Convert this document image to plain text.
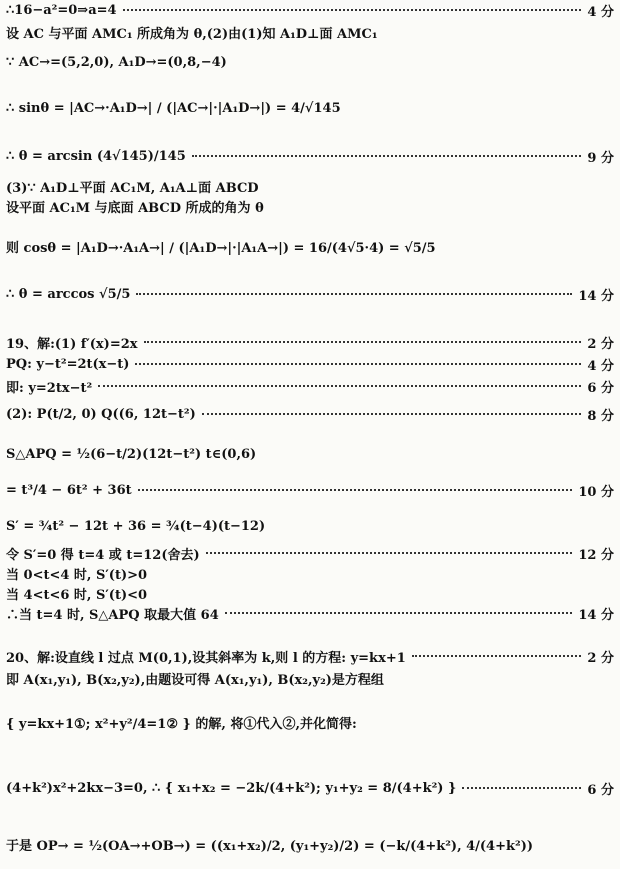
∴16−a²=0⇒a=4	4 分
设 AC 与平面 AMC₁ 所成角为 θ,(2)由(1)知 A₁D⊥面 AMC₁
∵ AC→=(5,2,0), A₁D→=(0,8,−4)
∴ sinθ = |AC→·A₁D→| / (|AC→|·|A₁D→|) = 4/√145
∴ θ = arcsin (4√145)/145	9 分
(3)∵ A₁D⊥平面 AC₁M, A₁A⊥面 ABCD
设平面 AC₁M 与底面 ABCD 所成的角为 θ
则 cosθ = |A₁D→·A₁A→| / (|A₁D→|·|A₁A→|) = 16/(4√5·4) = √5/5
∴ θ = arccos √5/5	14 分
19、解:(1) f′(x)=2x	2 分
PQ: y−t²=2t(x−t)	4 分
即: y=2tx−t²	6 分
(2): P(t/2, 0) Q((6, 12t−t²)	8 分
S△APQ = ½(6−t/2)(12t−t²) t∈(0,6)
= t³/4 − 6t² + 36t	10 分
S′ = ¾t² − 12t + 36 = ¾(t−4)(t−12)
令 S′=0 得 t=4 或 t=12(舍去)	12 分
当 0<t<4 时, S′(t)>0
当 4<t<6 时, S′(t)<0
∴当 t=4 时, S△APQ 取最大值 64	14 分
20、解:设直线 l 过点 M(0,1),设其斜率为 k,则 l 的方程: y=kx+1	2 分
即 A(x₁,y₁), B(x₂,y₂),由题设可得 A(x₁,y₁), B(x₂,y₂)是方程组
{ y=kx+1①; x²+y²/4=1② } 的解, 将①代入②,并化简得:
(4+k²)x²+2kx−3=0, ∴ { x₁+x₂ = −2k/(4+k²); y₁+y₂ = 8/(4+k²) }	6 分
于是 OP→ = ½(OA→+OB→) = ((x₁+x₂)/2, (y₁+y₂)/2) = (−k/(4+k²), 4/(4+k²))
